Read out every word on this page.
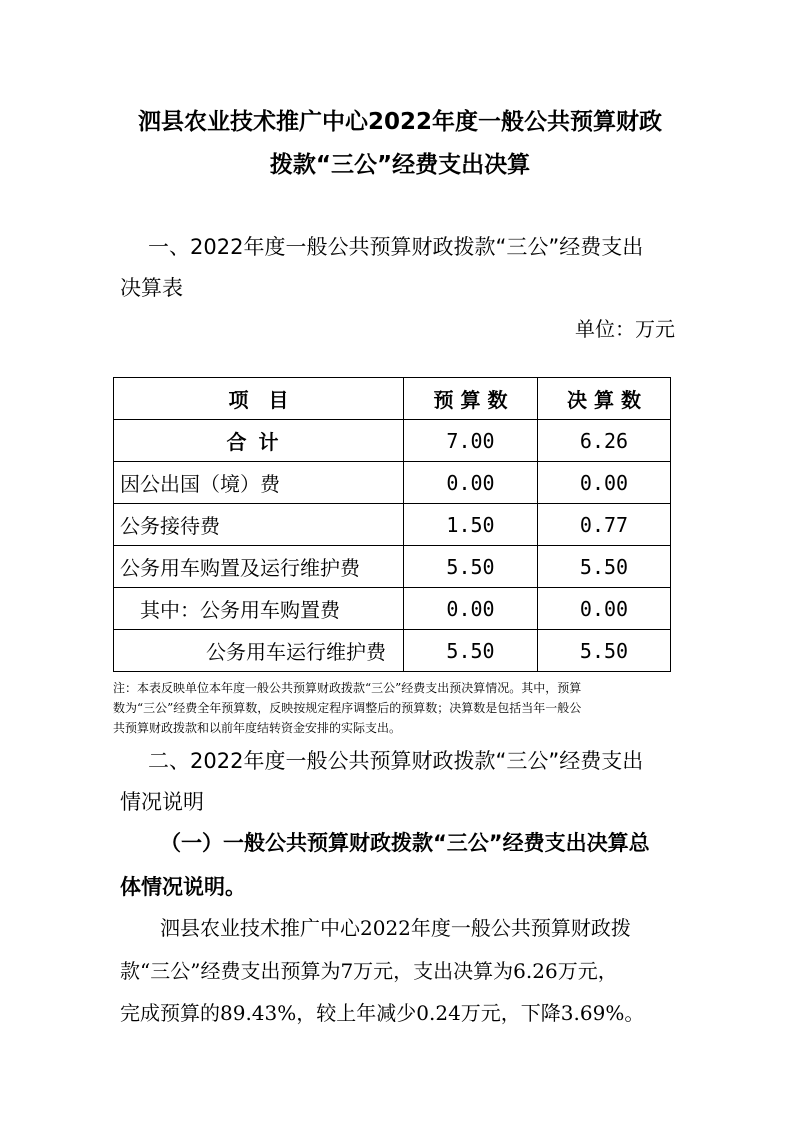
泗县农业技术推广中心2022年度一般公共预算财政
拨款“三公”经费支出决算
一、2022年度一般公共预算财政拨款“三公”经费支出
决算表
单位：万元
项　目	预 算 数	决 算 数
合计	7.00	6.26
因公出国（境）费	0.00	0.00
公务接待费	1.50	0.77
公务用车购置及运行维护费	5.50	5.50
其中：公务用车购置费	0.00	0.00
公务用车运行维护费	5.50	5.50
注：本表反映单位本年度一般公共预算财政拨款“三公”经费支出预决算情况。其中，预算
数为“三公”经费全年预算数，反映按规定程序调整后的预算数；决算数是包括当年一般公
共预算财政拨款和以前年度结转资金安排的实际支出。
二、2022年度一般公共预算财政拨款“三公”经费支出
情况说明
（一）一般公共预算财政拨款“三公”经费支出决算总
体情况说明。
泗县农业技术推广中心2022年度一般公共预算财政拨
款“三公”经费支出预算为7万元，支出决算为6.26万元，
完成预算的89.43%，较上年减少0.24万元，下降3.69%。
